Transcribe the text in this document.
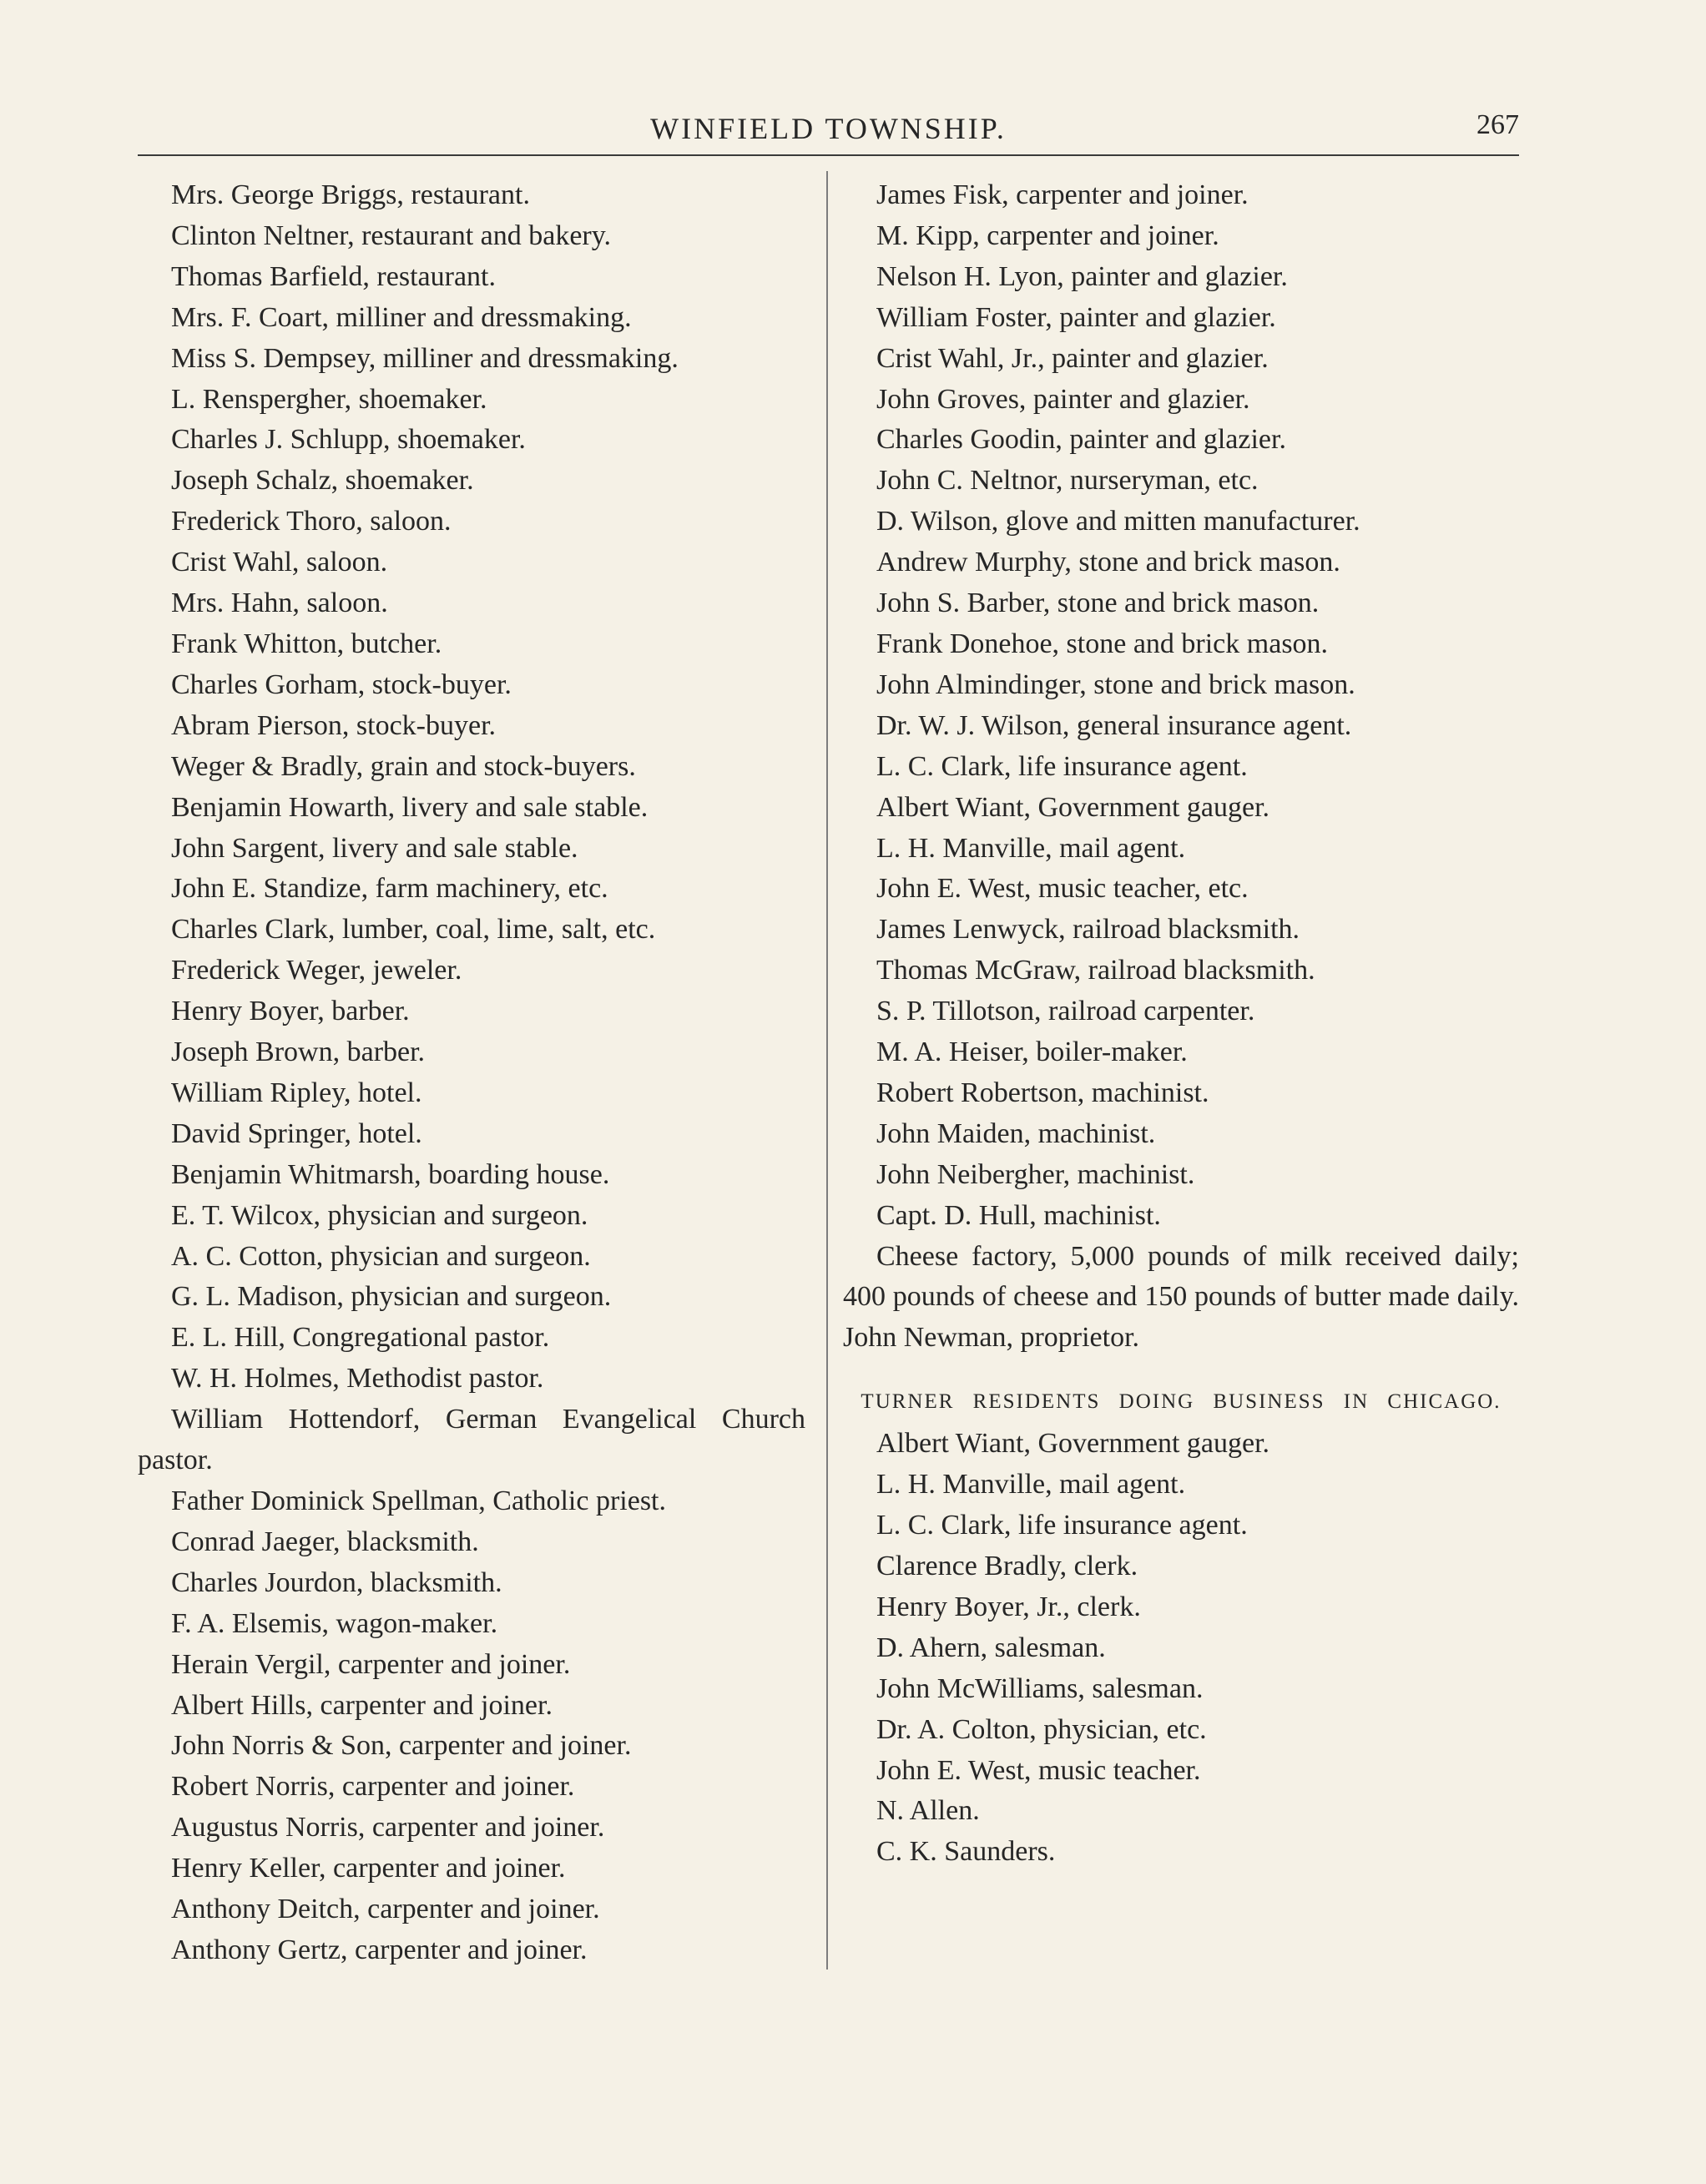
WINFIELD TOWNSHIP.	267
Mrs. George Briggs, restaurant.
Clinton Neltner, restaurant and bakery.
Thomas Barfield, restaurant.
Mrs. F. Coart, milliner and dressmaking.
Miss S. Dempsey, milliner and dressmaking.
L. Renspergher, shoemaker.
Charles J. Schlupp, shoemaker.
Joseph Schalz, shoemaker.
Frederick Thoro, saloon.
Crist Wahl, saloon.
Mrs. Hahn, saloon.
Frank Whitton, butcher.
Charles Gorham, stock-buyer.
Abram Pierson, stock-buyer.
Weger & Bradly, grain and stock-buyers.
Benjamin Howarth, livery and sale stable.
John Sargent, livery and sale stable.
John E. Standize, farm machinery, etc.
Charles Clark, lumber, coal, lime, salt, etc.
Frederick Weger, jeweler.
Henry Boyer, barber.
Joseph Brown, barber.
William Ripley, hotel.
David Springer, hotel.
Benjamin Whitmarsh, boarding house.
E. T. Wilcox, physician and surgeon.
A. C. Cotton, physician and surgeon.
G. L. Madison, physician and surgeon.
E. L. Hill, Congregational pastor.
W. H. Holmes, Methodist pastor.
William Hottendorf, German Evangelical Church pastor.
Father Dominick Spellman, Catholic priest.
Conrad Jaeger, blacksmith.
Charles Jourdon, blacksmith.
F. A. Elsemis, wagon-maker.
Herain Vergil, carpenter and joiner.
Albert Hills, carpenter and joiner.
John Norris & Son, carpenter and joiner.
Robert Norris, carpenter and joiner.
Augustus Norris, carpenter and joiner.
Henry Keller, carpenter and joiner.
Anthony Deitch, carpenter and joiner.
Anthony Gertz, carpenter and joiner.
James Fisk, carpenter and joiner.
M. Kipp, carpenter and joiner.
Nelson H. Lyon, painter and glazier.
William Foster, painter and glazier.
Crist Wahl, Jr., painter and glazier.
John Groves, painter and glazier.
Charles Goodin, painter and glazier.
John C. Neltnor, nurseryman, etc.
D. Wilson, glove and mitten manufacturer.
Andrew Murphy, stone and brick mason.
John S. Barber, stone and brick mason.
Frank Donehoe, stone and brick mason.
John Almindinger, stone and brick mason.
Dr. W. J. Wilson, general insurance agent.
L. C. Clark, life insurance agent.
Albert Wiant, Government gauger.
L. H. Manville, mail agent.
John E. West, music teacher, etc.
James Lenwyck, railroad blacksmith.
Thomas McGraw, railroad blacksmith.
S. P. Tillotson, railroad carpenter.
M. A. Heiser, boiler-maker.
Robert Robertson, machinist.
John Maiden, machinist.
John Neibergher, machinist.
Capt. D. Hull, machinist.
Cheese factory, 5,000 pounds of milk received daily; 400 pounds of cheese and 150 pounds of butter made daily. John Newman, proprietor.
TURNER RESIDENTS DOING BUSINESS IN CHICAGO.
Albert Wiant, Government gauger.
L. H. Manville, mail agent.
L. C. Clark, life insurance agent.
Clarence Bradly, clerk.
Henry Boyer, Jr., clerk.
D. Ahern, salesman.
John McWilliams, salesman.
Dr. A. Colton, physician, etc.
John E. West, music teacher.
N. Allen.
C. K. Saunders.
